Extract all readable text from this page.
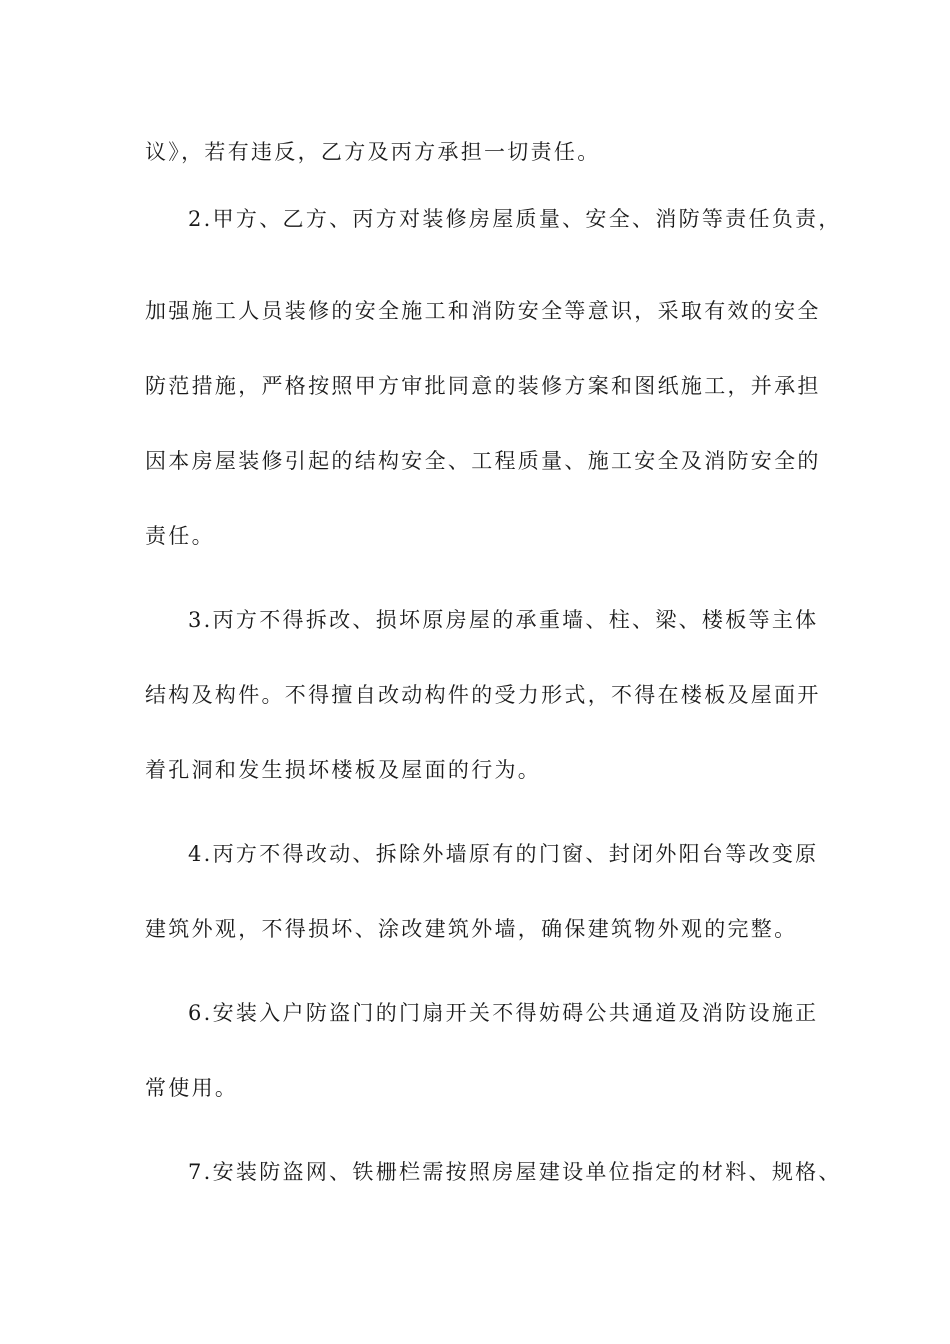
议》，若有违反，乙方及丙方承担一切责任。
2.甲方、乙方、丙方对装修房屋质量、安全、消防等责任负责，
加强施工人员装修的安全施工和消防安全等意识，采取有效的安全
防范措施，严格按照甲方审批同意的装修方案和图纸施工，并承担
因本房屋装修引起的结构安全、工程质量、施工安全及消防安全的
责任。
3.丙方不得拆改、损坏原房屋的承重墙、柱、梁、楼板等主体
结构及构件。不得擅自改动构件的受力形式，不得在楼板及屋面开
着孔洞和发生损坏楼板及屋面的行为。
4.丙方不得改动、拆除外墙原有的门窗、封闭外阳台等改变原
建筑外观，不得损坏、涂改建筑外墙，确保建筑物外观的完整。
6.安装入户防盗门的门扇开关不得妨碍公共通道及消防设施正
常使用。
7.安装防盗网、铁栅栏需按照房屋建设单位指定的材料、规格、
